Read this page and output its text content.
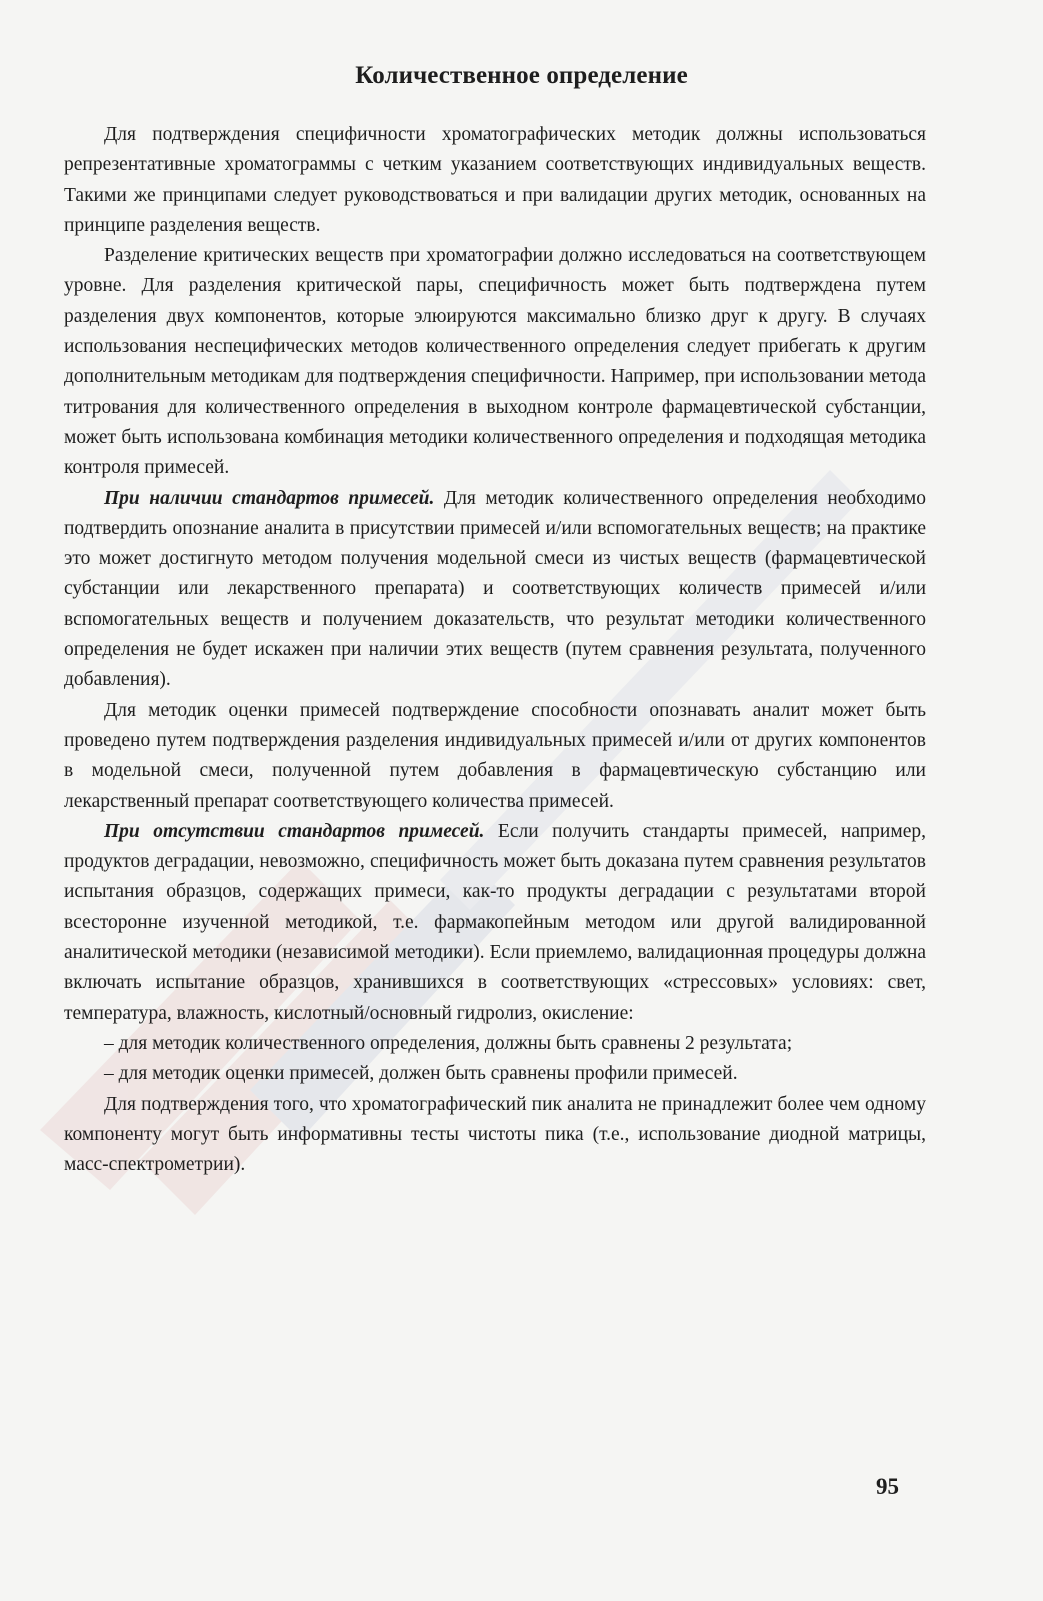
Количественное определение

Для подтверждения специфичности хроматографических методик должны использоваться репрезентативные хроматограммы с четким указанием соответствующих индивидуальных веществ. Такими же принципами следует руководствоваться и при валидации других методик, основанных на принципе разделения веществ.

Разделение критических веществ при хроматографии должно исследоваться на соответствующем уровне. Для разделения критической пары, специфичность может быть подтверждена путем разделения двух компонентов, которые элюируются максимально близко друг к другу. В случаях использования неспецифических методов количественного определения следует прибегать к другим дополнительным методикам для подтверждения специфичности. Например, при использовании метода титрования для количественного определения в выходном контроле фармацевтической субстанции, может быть использована комбинация методики количественного определения и подходящая методика контроля примесей.

При наличии стандартов примесей. Для методик количественного определения необходимо подтвердить опознание аналита в присутствии примесей и/или вспомогательных веществ; на практике это может достигнуто методом получения модельной смеси из чистых веществ (фармацевтической субстанции или лекарственного препарата) и соответствующих количеств примесей и/или вспомогательных веществ и получением доказательств, что результат методики количественного определения не будет искажен при наличии этих веществ (путем сравнения результата, полученного добавления).

Для методик оценки примесей подтверждение способности опознавать аналит может быть проведено путем подтверждения разделения индивидуальных примесей и/или от других компонентов в модельной смеси, полученной путем добавления в фармацевтическую субстанцию или лекарственный препарат соответствующего количества примесей.

При отсутствии стандартов примесей. Если получить стандарты примесей, например, продуктов деградации, невозможно, специфичность может быть доказана путем сравнения результатов испытания образцов, содержащих примеси, как-то продукты деградации с результатами второй всесторонне изученной методикой, т.е. фармакопейным методом или другой валидированной аналитической методики (независимой методики). Если приемлемо, валидационная процедуры должна включать испытание образцов, хранившихся в соответствующих «стрессовых» условиях: свет, температура, влажность, кислотный/основный гидролиз, окисление:

– для методик количественного определения, должны быть сравнены 2 результата;

– для методик оценки примесей, должен быть сравнены профили примесей.

Для подтверждения того, что хроматографический пик аналита не принадлежит более чем одному компоненту могут быть информативны тесты чистоты пика (т.е., использование диодной матрицы, масс-спектрометрии).

95
